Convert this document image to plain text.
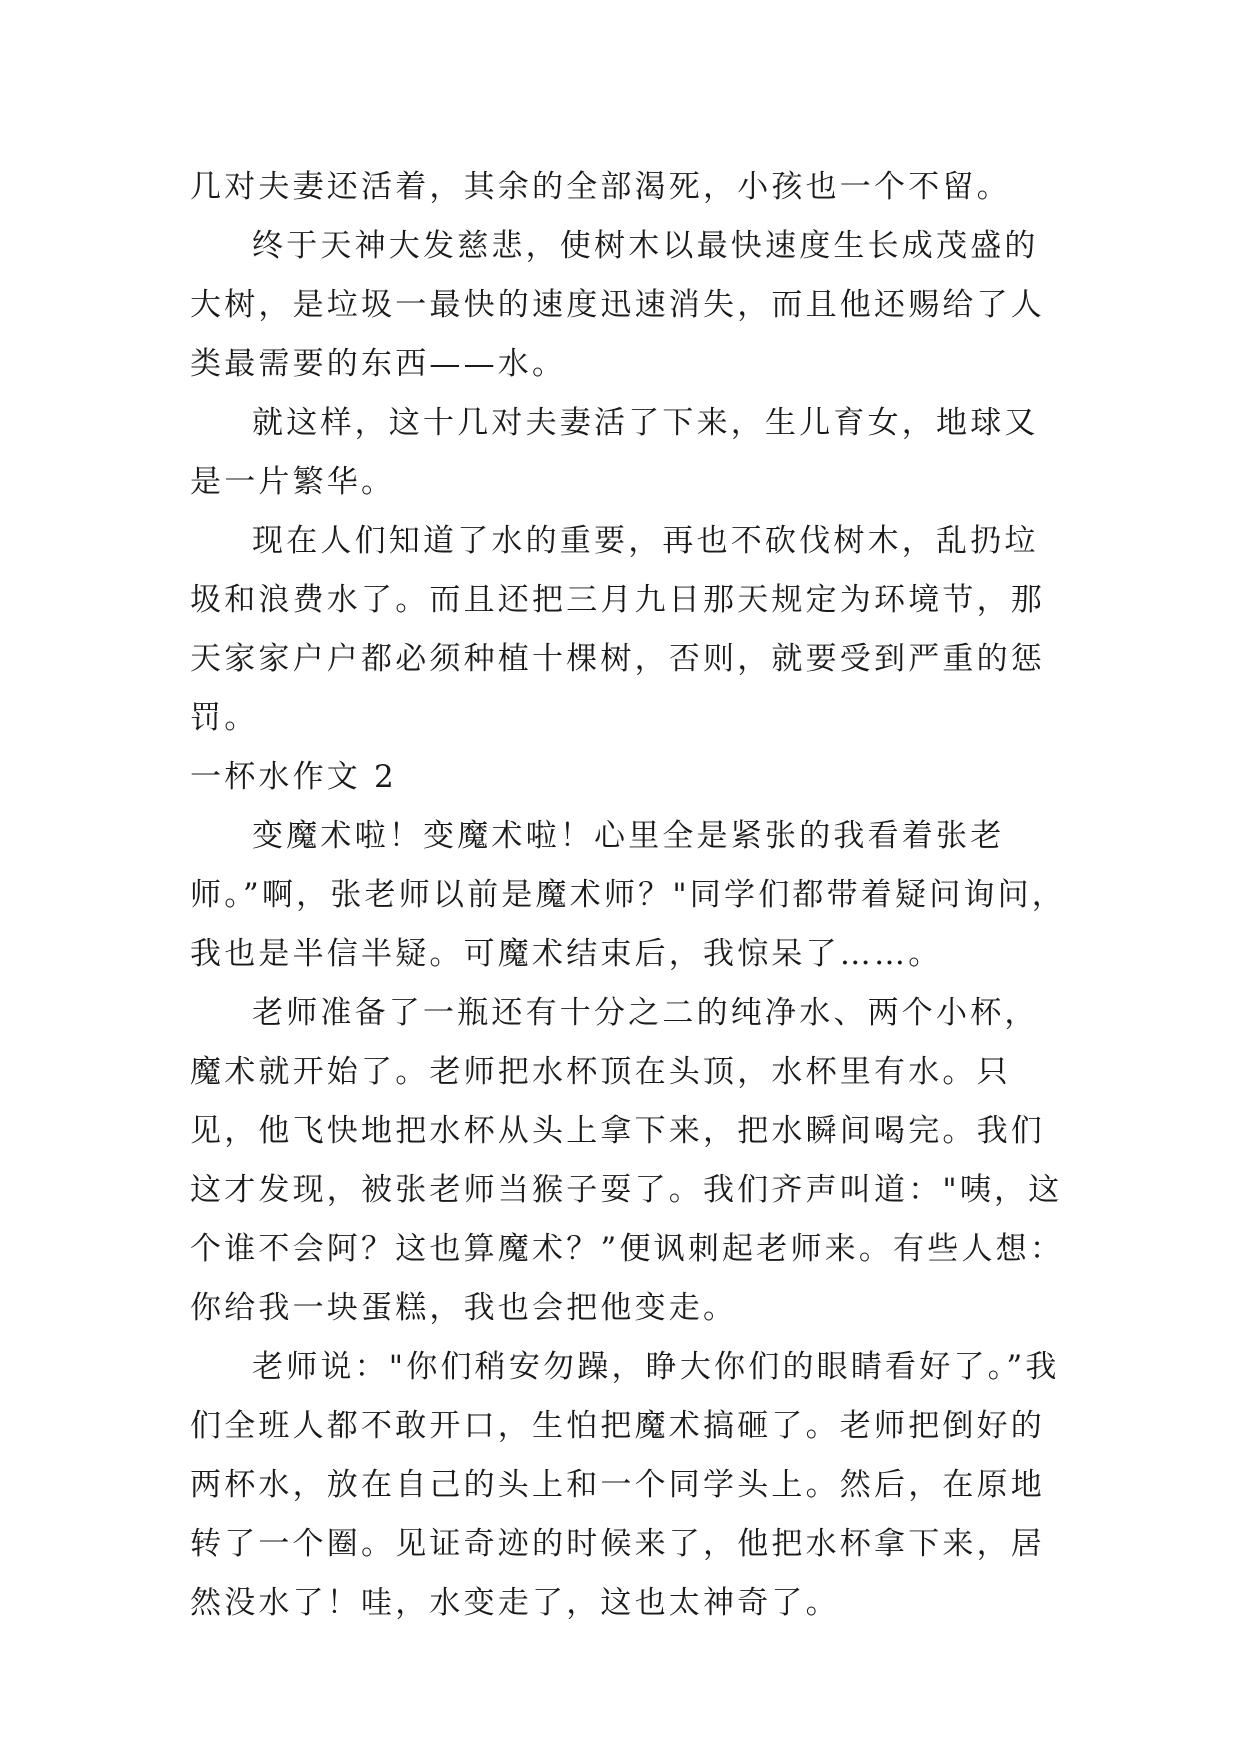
几对夫妻还活着，其余的全部渴死，小孩也一个不留。

终于天神大发慈悲，使树木以最快速度生长成茂盛的大树，是垃圾一最快的速度迅速消失，而且他还赐给了人类最需要的东西——水。

就这样，这十几对夫妻活了下来，生儿育女，地球又是一片繁华。

现在人们知道了水的重要，再也不砍伐树木，乱扔垃圾和浪费水了。而且还把三月九日那天规定为环境节，那天家家户户都必须种植十棵树，否则，就要受到严重的惩罚。

一杯水作文 2

变魔术啦！变魔术啦！心里全是紧张的我看着张老师。”啊，张老师以前是魔术师？"同学们都带着疑问询问，我也是半信半疑。可魔术结束后，我惊呆了……。

老师准备了一瓶还有十分之二的纯净水、两个小杯，魔术就开始了。老师把水杯顶在头顶，水杯里有水。只见，他飞快地把水杯从头上拿下来，把水瞬间喝完。我们这才发现，被张老师当猴子耍了。我们齐声叫道："咦，这个谁不会阿？这也算魔术？”便讽刺起老师来。有些人想：你给我一块蛋糕，我也会把他变走。

老师说："你们稍安勿躁，睁大你们的眼睛看好了。”我们全班人都不敢开口，生怕把魔术搞砸了。老师把倒好的两杯水，放在自己的头上和一个同学头上。然后，在原地转了一个圈。见证奇迹的时候来了，他把水杯拿下来，居然没水了！哇，水变走了，这也太神奇了。
